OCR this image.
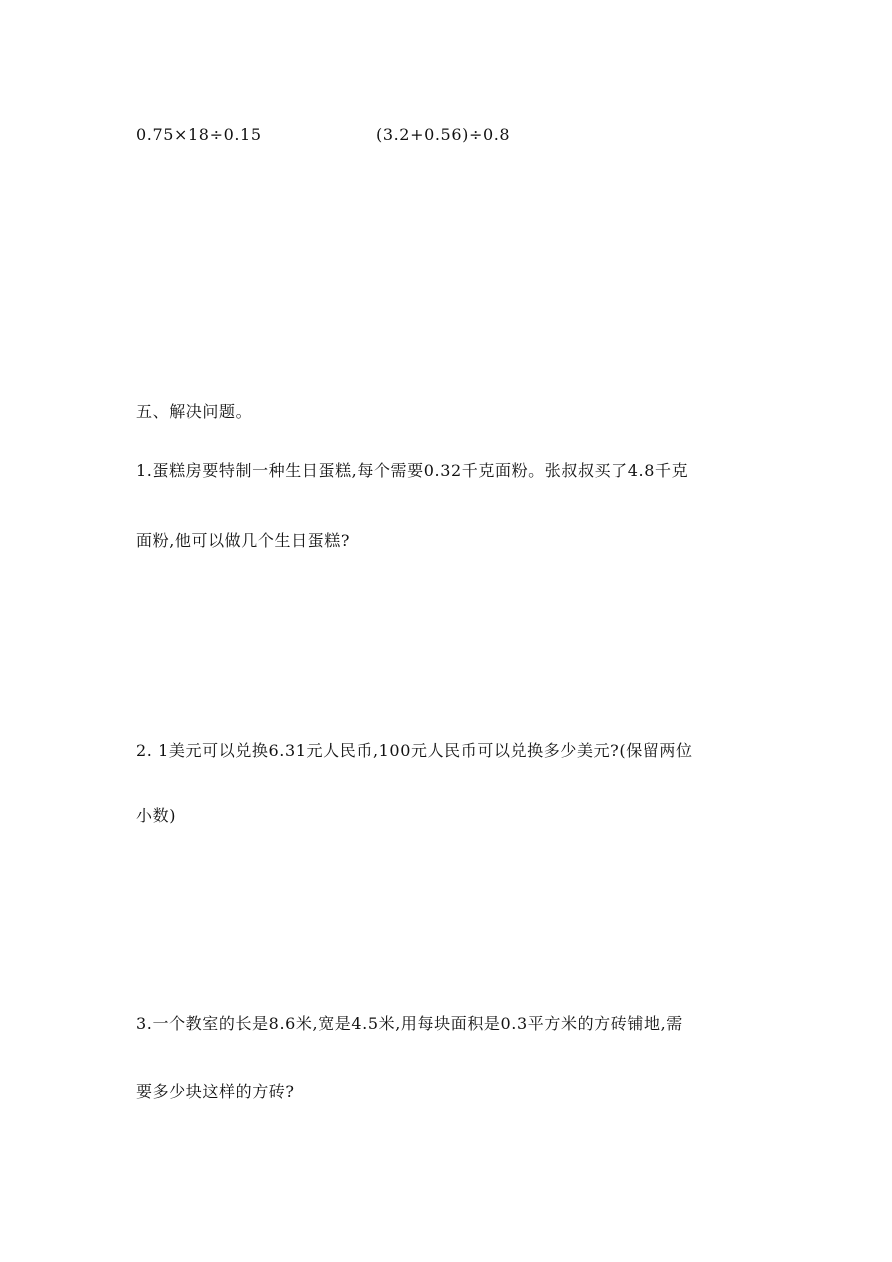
0.75×18÷0.15	(3.2+0.56)÷0.8
五、解决问题。
1.蛋糕房要特制一种生日蛋糕,每个需要0.32千克面粉。张叔叔买了4.8千克
面粉,他可以做几个生日蛋糕?
2. 1美元可以兑换6.31元人民币,100元人民币可以兑换多少美元?(保留两位
小数)
3.一个教室的长是8.6米,宽是4.5米,用每块面积是0.3平方米的方砖铺地,需
要多少块这样的方砖?
